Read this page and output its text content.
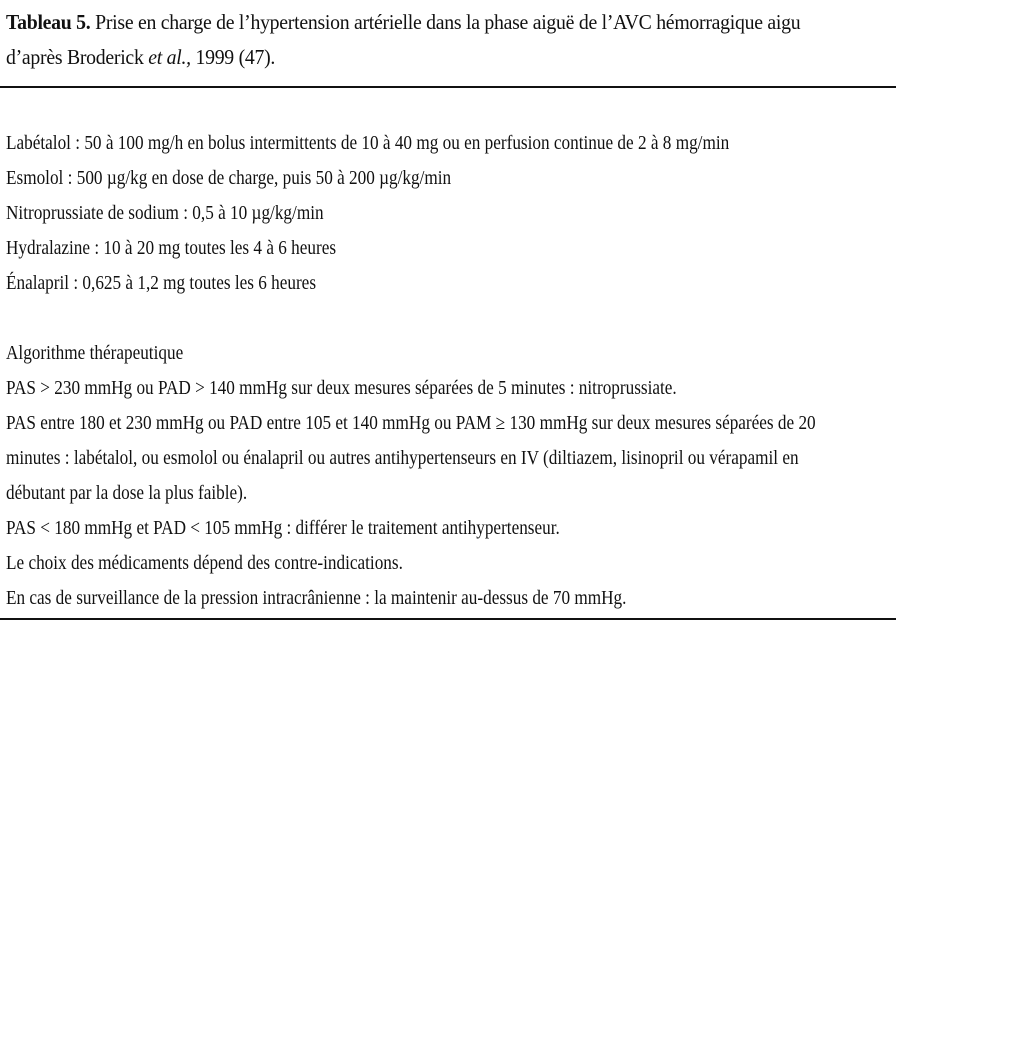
Tableau 5. Prise en charge de l’hypertension artérielle dans la phase aiguë de l’AVC hémorragique aigu
d’après Broderick et al., 1999 (47).
Labétalol : 50 à 100 mg/h en bolus intermittents de 10 à 40 mg ou en perfusion continue de 2 à 8 mg/min
Esmolol : 500 µg/kg en dose de charge, puis 50 à 200 µg/kg/min
Nitroprussiate de sodium : 0,5 à 10 µg/kg/min
Hydralazine : 10 à 20 mg toutes les 4 à 6 heures
Énalapril : 0,625 à 1,2 mg toutes les 6 heures
Algorithme thérapeutique
PAS > 230 mmHg ou PAD > 140 mmHg sur deux mesures séparées de 5 minutes : nitroprussiate.
PAS entre 180 et 230 mmHg ou PAD entre 105 et 140 mmHg ou PAM ≥ 130 mmHg sur deux mesures séparées de 20
minutes : labétalol, ou esmolol ou énalapril ou autres antihypertenseurs en IV (diltiazem, lisinopril ou vérapamil en
débutant par la dose la plus faible).
PAS < 180 mmHg et PAD < 105 mmHg : différer le traitement antihypertenseur.
Le choix des médicaments dépend des contre-indications.
En cas de surveillance de la pression intracrânienne : la maintenir au-dessus de 70 mmHg.
